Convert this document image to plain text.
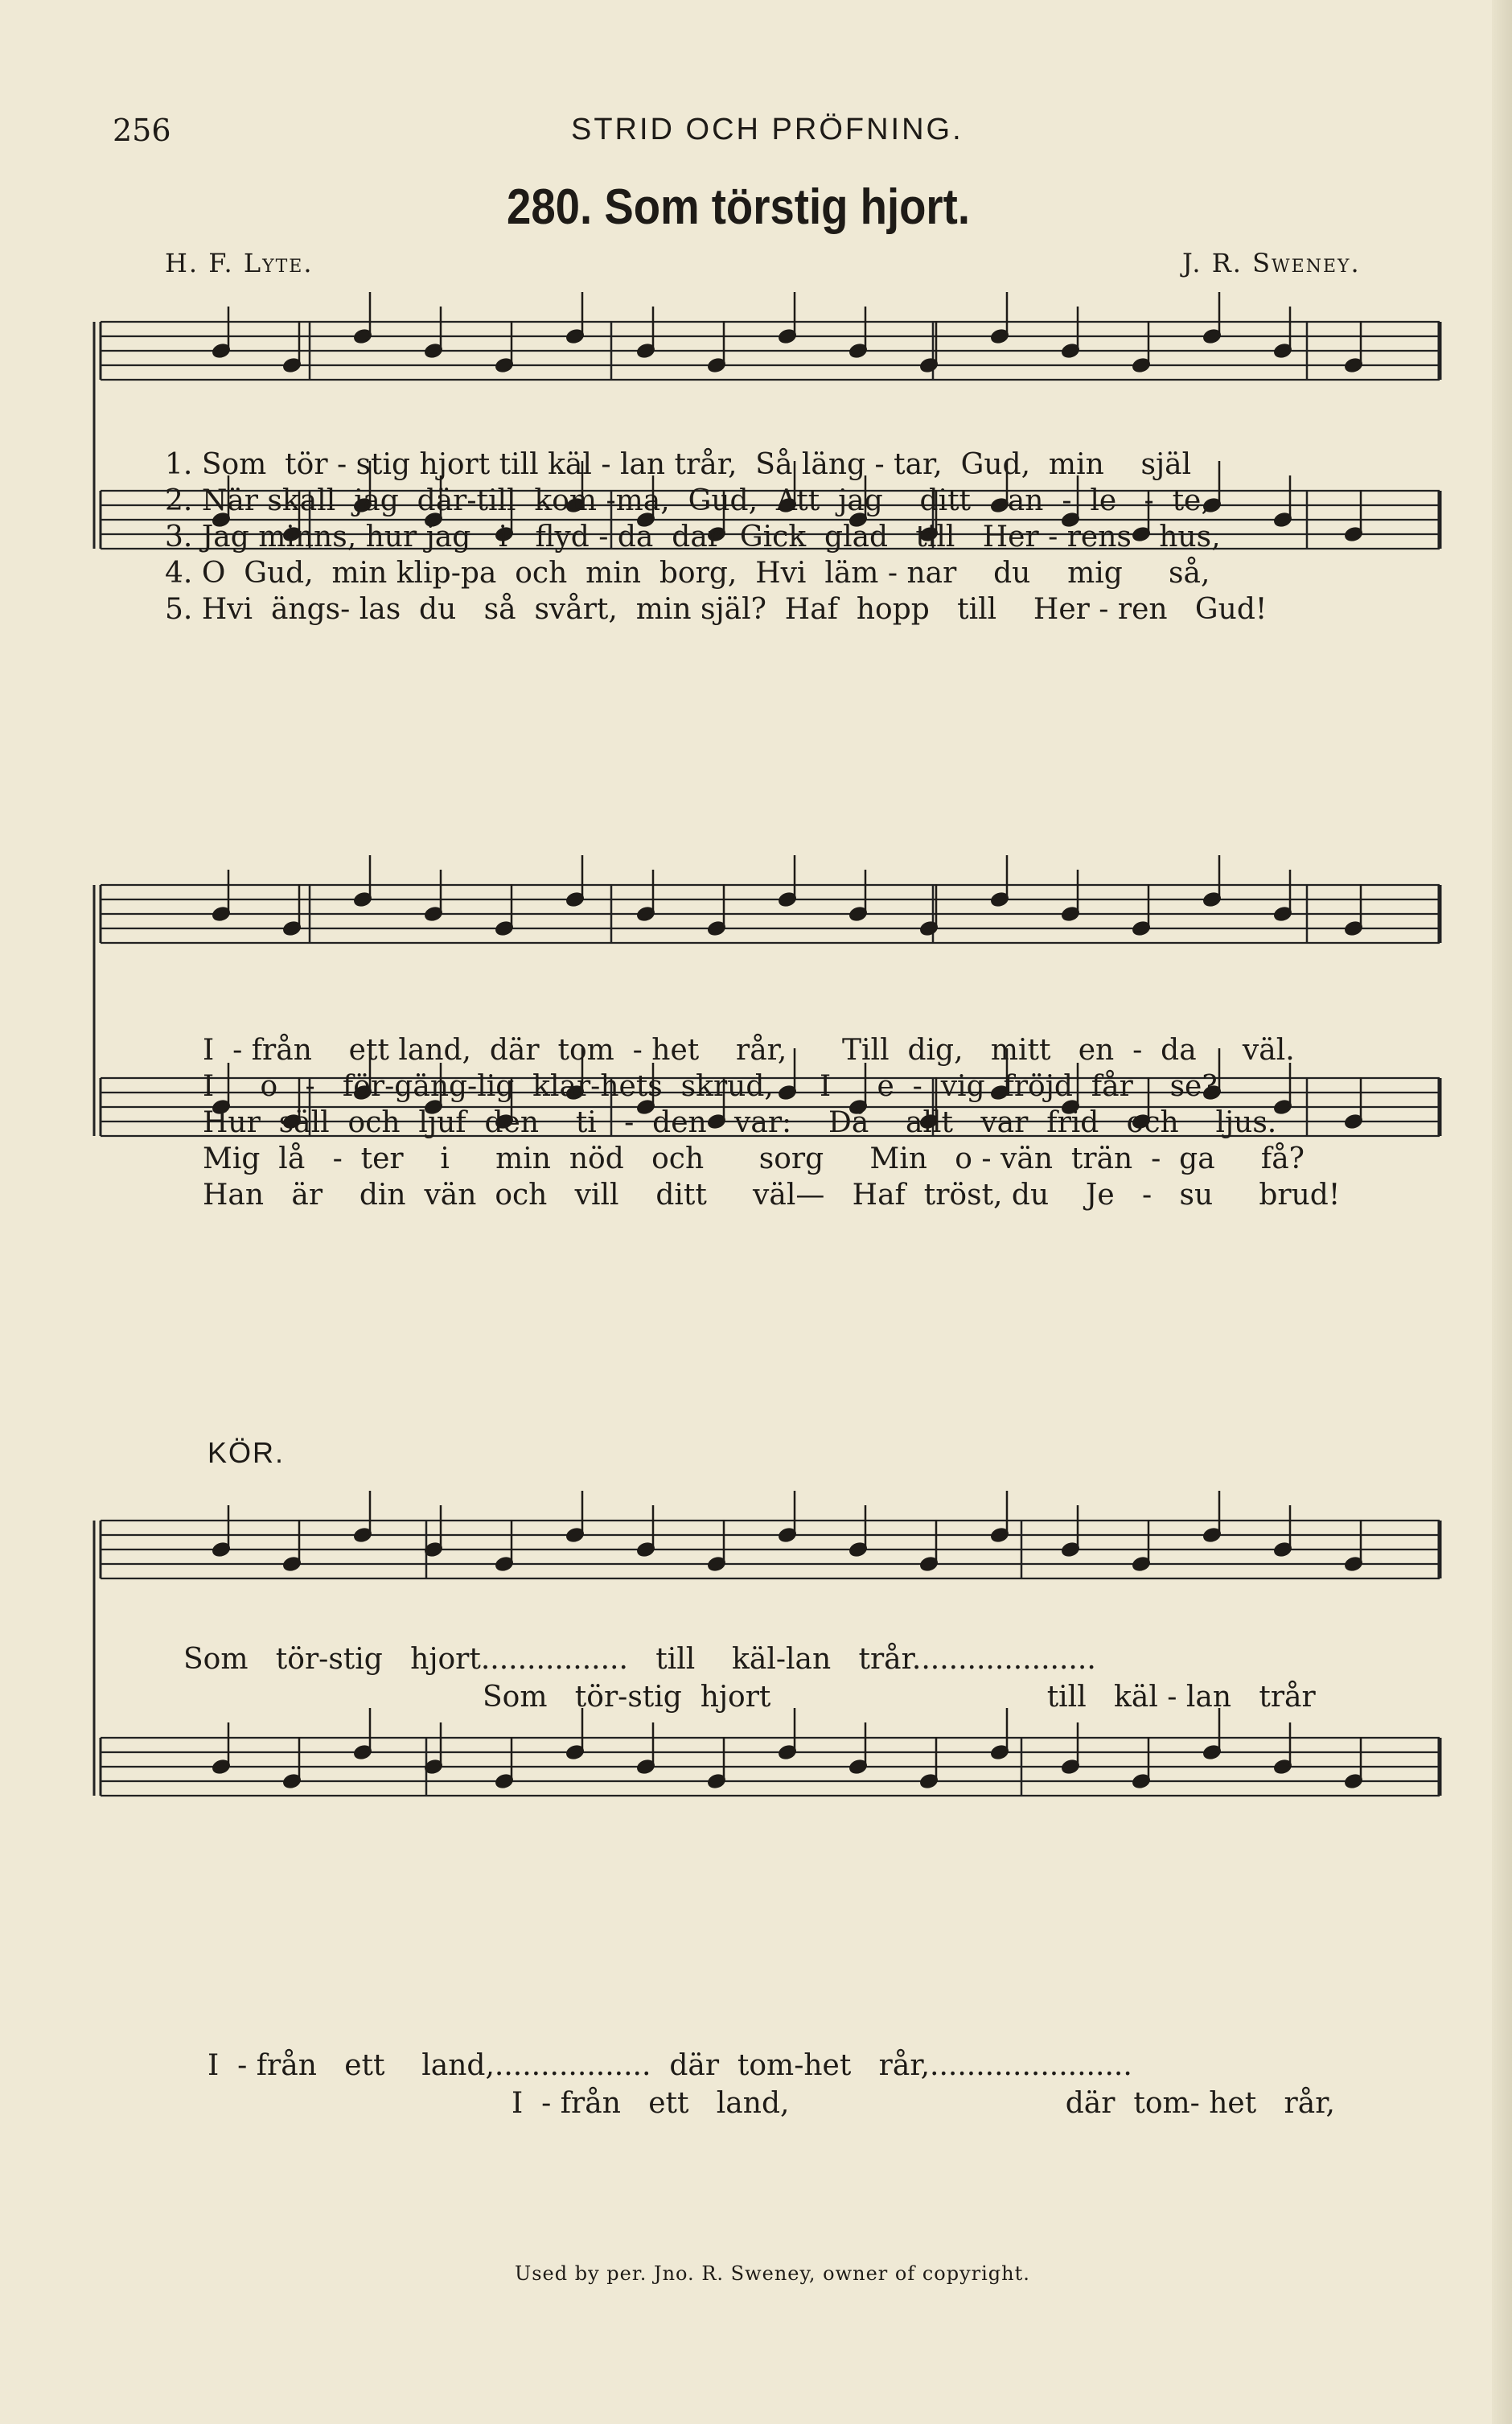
256	STRID OCH PRÖFNING.
280. Som törstig hjort.
H. F. Lyte.	J. R. Sweney.
1. Som  tör - stig hjort till käl - lan trår,  Så läng - tar,  Gud,  min    själ
2. När skall  jag  där-till  kom -ma,  Gud,  Att  jag    ditt    an  -  le   -  te,
3. Jag minns, hur jag   i   flyd - da  dar  Gick  glad   till   Her - rens   hus,
4. O  Gud,  min klip-pa  och  min  borg,  Hvi  läm - nar    du    mig     så,
5. Hvi  ängs- las  du   så  svårt,  min själ?  Haf  hopp   till    Her - ren   Gud!
I  - från    ett land,  där  tom  - het    rår,      Till  dig,   mitt   en  -  da     väl.
I     o   -   för-gäng-lig  klar-hets  skrud,     I     e  -  vig  fröjd  får    se?
Hur  säll  och  ljuf  den    ti   -  den   var:    Då    allt   var  frid   och    ljus.
Mig  lå   -  ter    i     min  nöd   och      sorg     Min   o - vän  trän  -  ga     få?
Han   är    din  vän  och   vill    ditt     väl—   Haf  tröst, du    Je   -   su     brud!
KÖR.
Som   tör-stig   hjort................   till    käl-lan   trår....................
Som   tör-stig  hjort                              till   käl - lan   trår
I  - från   ett    land,.................  där  tom-het   rår,......................
I  - från   ett   land,                              där  tom- het   rår,
Used by per. Jno. R. Sweney, owner of copyright.
